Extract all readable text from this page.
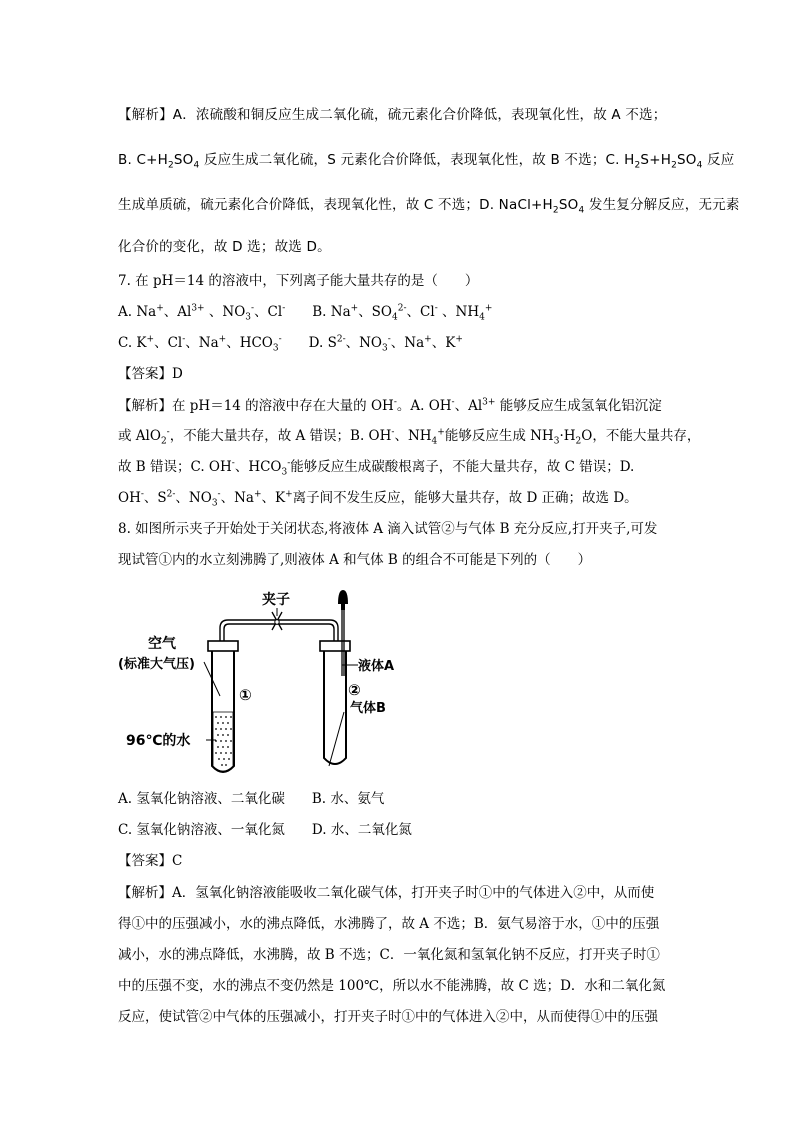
【解析】A．浓硫酸和铜反应生成二氧化硫，硫元素化合价降低，表现氧化性，故 A 不选；
B. $C+H_2SO_4$ 反应生成二氧化硫，S 元素化合价降低，表现氧化性，故 B 不选；C. $H_2S+H_2SO_4$ 反应
生成单质硫，硫元素化合价降低，表现氧化性，故 C 不选；D. $NaCl+H_2SO_4$ 发生复分解反应，无元素
化合价的变化，故 D 选；故选 D。
7. 在 pH＝14 的溶液中，下列离子能大量共存的是（　　）
A. Na+、$Al^{3+}$ 、$NO_3^-$、Cl-　　B. Na+、$SO_4^{2-}$、Cl- 、$NH_4^+$
C. K+、Cl-、Na+、$HCO_3^-$　　D. $S^{2-}$、$NO_3^-$、Na+、K+
【答案】D
【解析】在 pH＝14 的溶液中存在大量的 OH-。A. OH-、$Al^{3+}$ 能够反应生成氢氧化铝沉淀
或 AlO$_2$-，不能大量共存，故 A 错误；B. OH-、$NH_4^+$能够反应生成 $NH_3\cdot H_2O$，不能大量共存，
故 B 错误；C. OH-、$HCO_3^-$能够反应生成碳酸根离子，不能大量共存，故 C 错误；D.
OH-、$S^{2-}$、$NO_3^-$、Na+、K+离子间不发生反应，能够大量共存，故 D 正确；故选 D。
8. 如图所示夹子开始处于关闭状态,将液体 A 滴入试管②与气体 B 充分反应,打开夹子,可发
现试管①内的水立刻沸腾了,则液体 A 和气体 B 的组合不可能是下列的（　　）
A. 氢氧化钠溶液、二氧化碳　　B. 水、氨气
C. 氢氧化钠溶液、一氧化氮　　D. 水、二氧化氮
【答案】C
【解析】A．氢氧化钠溶液能吸收二氧化碳气体，打开夹子时①中的气体进入②中，从而使
得①中的压强减小，水的沸点降低，水沸腾了，故 A 不选；B．氨气易溶于水，①中的压强
减小，水的沸点降低，水沸腾，故 B 不选；C．一氧化氮和氢氧化钠不反应，打开夹子时①
中的压强不变，水的沸点不变仍然是 100℃，所以水不能沸腾，故 C 选；D．水和二氧化氮
反应，使试管②中气体的压强减小，打开夹子时①中的气体进入②中，从而使得①中的压强
夹子
空气
(标准大气压)
①
96℃的水
液体A
②
气体B
